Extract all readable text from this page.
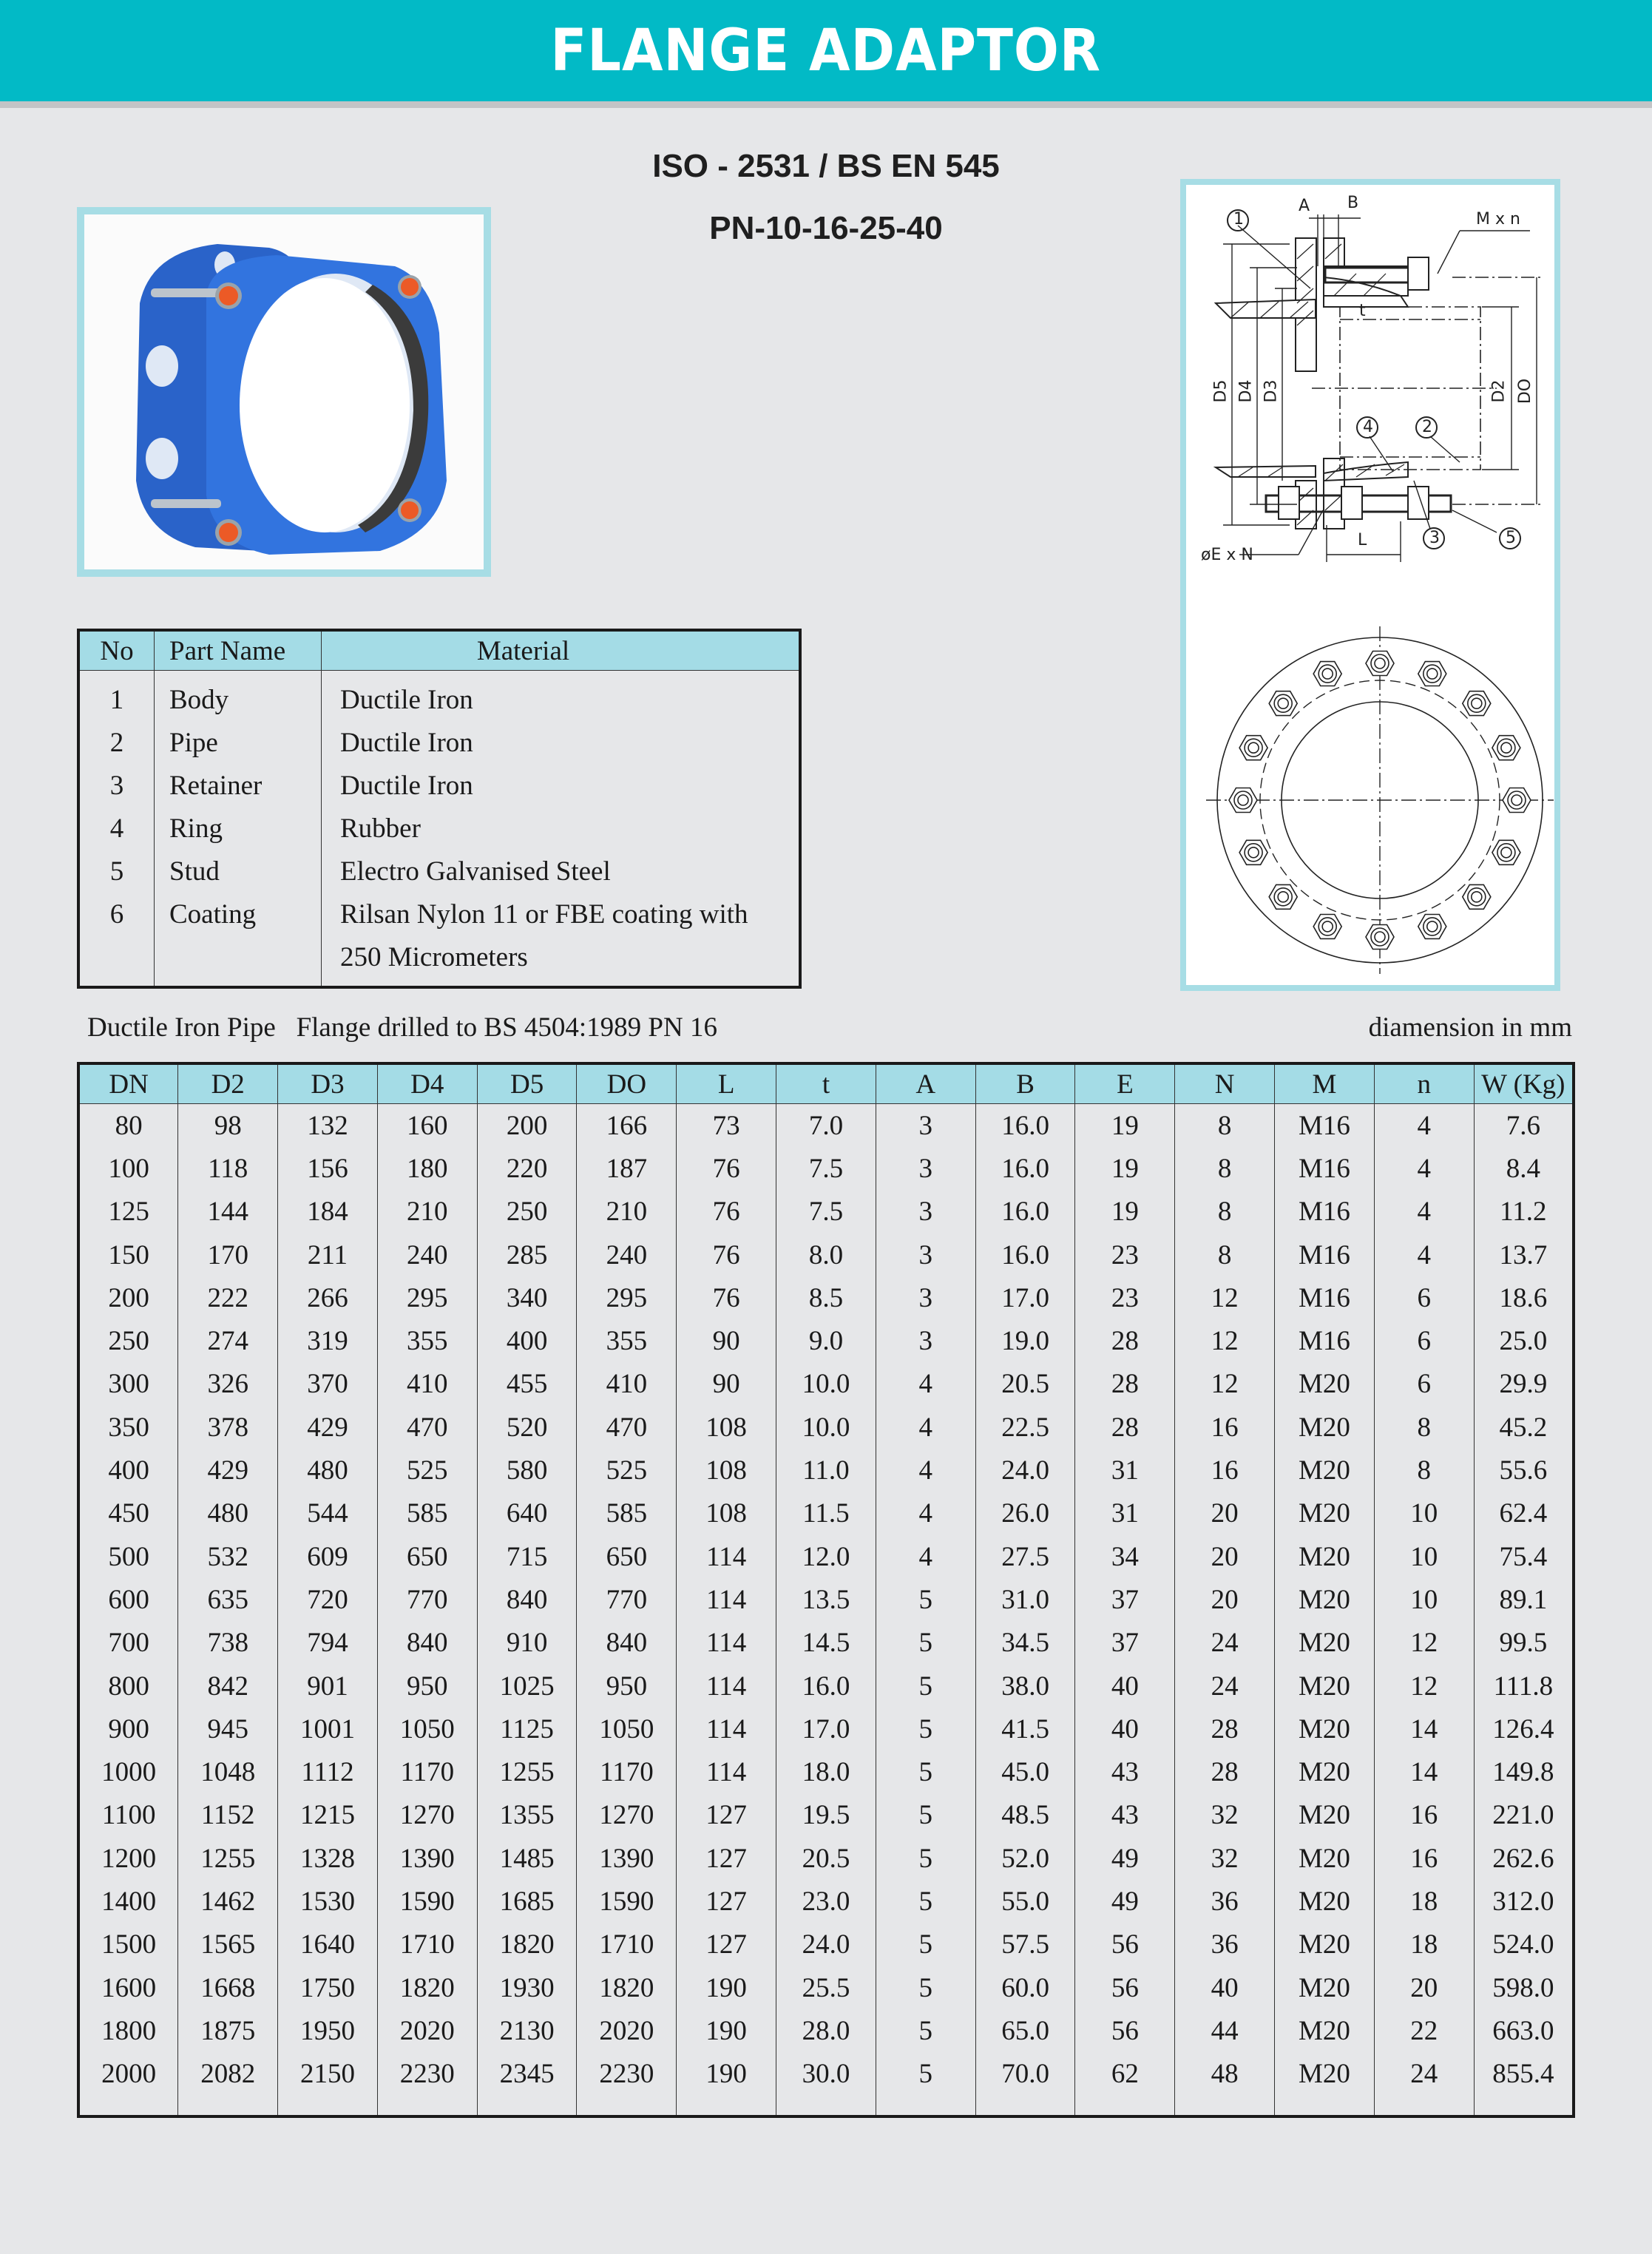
FLANGE ADAPTOR
ISO - 2531 / BS EN 545
PN-10-16-25-40	1
4	2
3	5
A B
M x n
øE x N
L
t
D5 D4 D3	D2 DO
No	Part Name	Material
1	Body	Ductile Iron
2	Pipe	Ductile Iron
3	Retainer	Ductile Iron
4	Ring	Rubber
5	Stud	Electro Galvanised Steel
6	Coating	Rilsan Nylon 11 or FBE coating with
		250 Micrometers
Ductile Iron Pipe   Flange drilled to BS 4504:1989 PN 16	diamension in mm
DN	D2	D3	D4	D5	DO	L	t	A	B	E	N	M	n	W (Kg)
80	98	132	160	200	166	73	7.0	3	16.0	19	8	M16	4	7.6
100	118	156	180	220	187	76	7.5	3	16.0	19	8	M16	4	8.4
125	144	184	210	250	210	76	7.5	3	16.0	19	8	M16	4	11.2
150	170	211	240	285	240	76	8.0	3	16.0	23	8	M16	4	13.7
200	222	266	295	340	295	76	8.5	3	17.0	23	12	M16	6	18.6
250	274	319	355	400	355	90	9.0	3	19.0	28	12	M16	6	25.0
300	326	370	410	455	410	90	10.0	4	20.5	28	12	M20	6	29.9
350	378	429	470	520	470	108	10.0	4	22.5	28	16	M20	8	45.2
400	429	480	525	580	525	108	11.0	4	24.0	31	16	M20	8	55.6
450	480	544	585	640	585	108	11.5	4	26.0	31	20	M20	10	62.4
500	532	609	650	715	650	114	12.0	4	27.5	34	20	M20	10	75.4
600	635	720	770	840	770	114	13.5	5	31.0	37	20	M20	10	89.1
700	738	794	840	910	840	114	14.5	5	34.5	37	24	M20	12	99.5
800	842	901	950	1025	950	114	16.0	5	38.0	40	24	M20	12	111.8
900	945	1001	1050	1125	1050	114	17.0	5	41.5	40	28	M20	14	126.4
1000	1048	1112	1170	1255	1170	114	18.0	5	45.0	43	28	M20	14	149.8
1100	1152	1215	1270	1355	1270	127	19.5	5	48.5	43	32	M20	16	221.0
1200	1255	1328	1390	1485	1390	127	20.5	5	52.0	49	32	M20	16	262.6
1400	1462	1530	1590	1685	1590	127	23.0	5	55.0	49	36	M20	18	312.0
1500	1565	1640	1710	1820	1710	127	24.0	5	57.5	56	36	M20	18	524.0
1600	1668	1750	1820	1930	1820	190	25.5	5	60.0	56	40	M20	20	598.0
1800	1875	1950	2020	2130	2020	190	28.0	5	65.0	56	44	M20	22	663.0
2000	2082	2150	2230	2345	2230	190	30.0	5	70.0	62	48	M20	24	855.4
